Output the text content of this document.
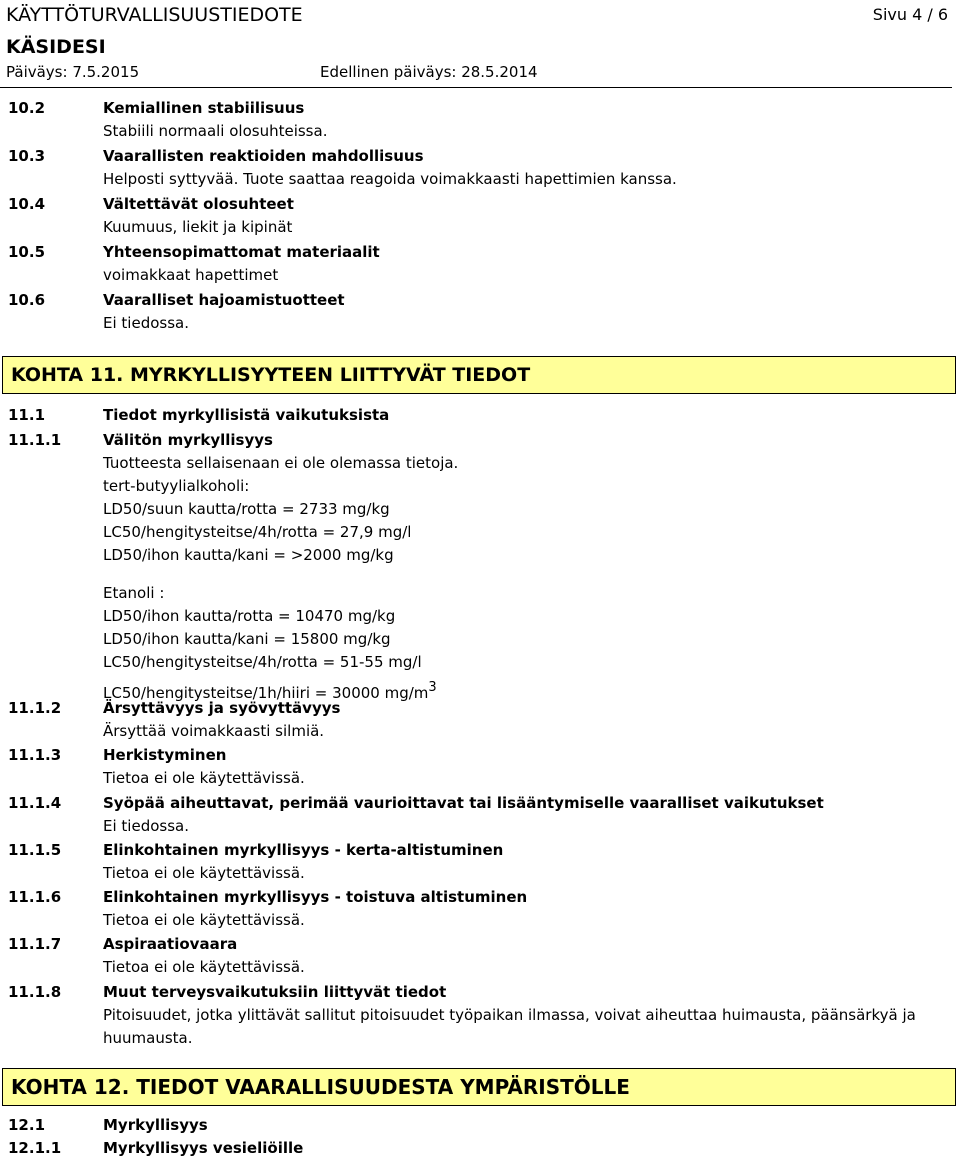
KÄYTTÖTURVALLISUUSTIEDOTE	Sivu 4 / 6
KÄSIDESI
Päiväys: 7.5.2015	Edellinen päiväys: 28.5.2014
10.2	Kemiallinen stabiilisuus
Stabiili normaali olosuhteissa.
10.3	Vaarallisten reaktioiden mahdollisuus
Helposti syttyvää. Tuote saattaa reagoida voimakkaasti hapettimien kanssa.
10.4	Vältettävät olosuhteet
Kuumuus, liekit ja kipinät
10.5	Yhteensopimattomat materiaalit
voimakkaat hapettimet
10.6	Vaaralliset hajoamistuotteet
Ei tiedossa.
KOHTA 11. MYRKYLLISYYTEEN LIITTYVÄT TIEDOT
11.1	Tiedot myrkyllisistä vaikutuksista
11.1.1	Välitön myrkyllisyys
Tuotteesta sellaisenaan ei ole olemassa tietoja.
tert-butyylialkoholi:
LD50/suun kautta/rotta = 2733 mg/kg
LC50/hengitysteitse/4h/rotta = 27,9 mg/l
LD50/ihon kautta/kani = >2000 mg/kg
Etanoli :
LD50/ihon kautta/rotta = 10470 mg/kg
LD50/ihon kautta/kani = 15800 mg/kg
LC50/hengitysteitse/4h/rotta = 51-55 mg/l
LC50/hengitysteitse/1h/hiiri = 30000 $mg/m^3$
11.1.2	Ärsyttävyys ja syövyttävyys
Ärsyttää voimakkaasti silmiä.
11.1.3	Herkistyminen
Tietoa ei ole käytettävissä.
11.1.4	Syöpää aiheuttavat, perimää vaurioittavat tai lisääntymiselle vaaralliset vaikutukset
Ei tiedossa.
11.1.5	Elinkohtainen myrkyllisyys - kerta-altistuminen
Tietoa ei ole käytettävissä.
11.1.6	Elinkohtainen myrkyllisyys - toistuva altistuminen
Tietoa ei ole käytettävissä.
11.1.7	Aspiraatiovaara
Tietoa ei ole käytettävissä.
11.1.8	Muut terveysvaikutuksiin liittyvät tiedot
Pitoisuudet, jotka ylittävät sallitut pitoisuudet työpaikan ilmassa, voivat aiheuttaa huimausta, päänsärkyä ja huumausta.
KOHTA 12. TIEDOT VAARALLISUUDESTA YMPÄRISTÖLLE
12.1	Myrkyllisyys
12.1.1	Myrkyllisyys vesieliöille
